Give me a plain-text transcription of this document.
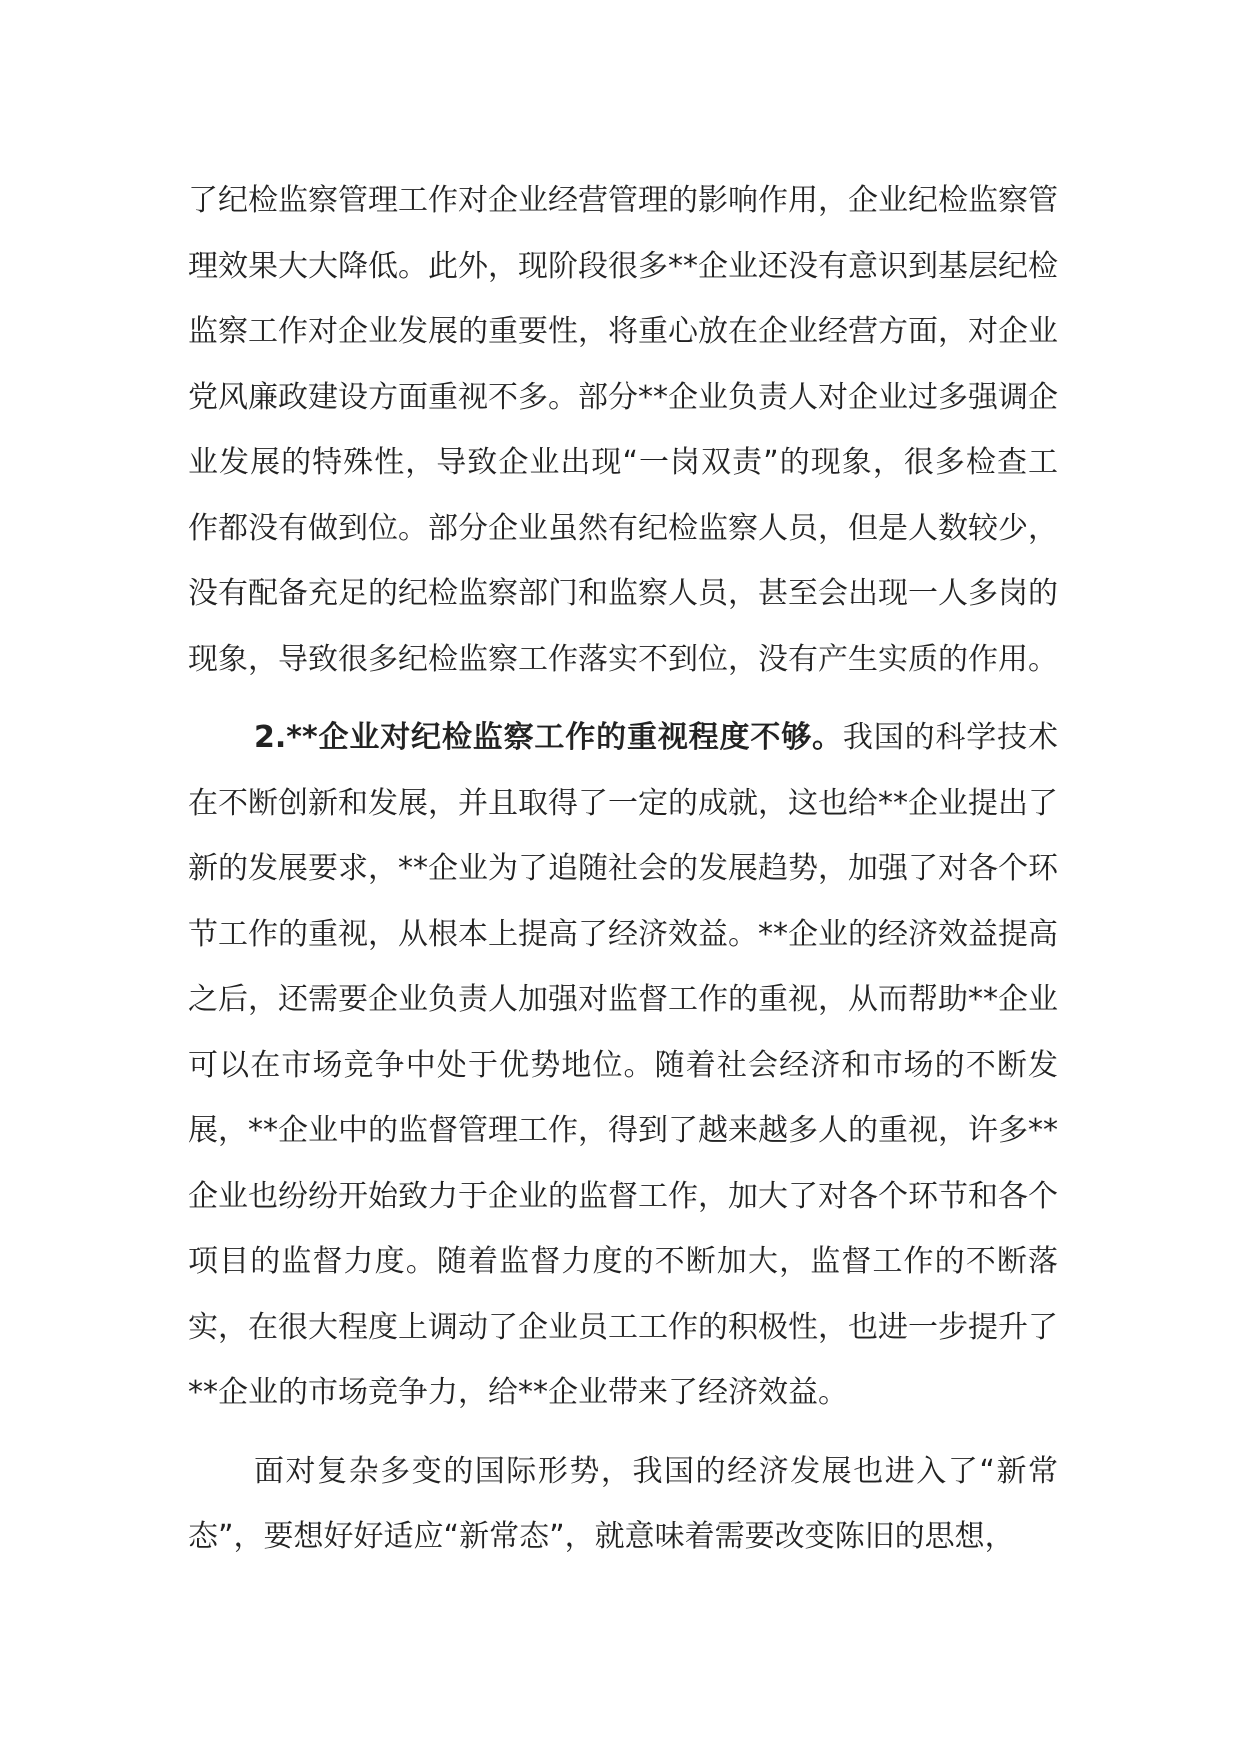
了纪检监察管理工作对企业经营管理的影响作用，企业纪检监察管理效果大大降低。此外，现阶段很多**企业还没有意识到基层纪检监察工作对企业发展的重要性，将重心放在企业经营方面，对企业党风廉政建设方面重视不多。部分**企业负责人对企业过多强调企业发展的特殊性，导致企业出现“一岗双责”的现象，很多检查工作都没有做到位。部分企业虽然有纪检监察人员，但是人数较少，没有配备充足的纪检监察部门和监察人员，甚至会出现一人多岗的现象，导致很多纪检监察工作落实不到位，没有产生实质的作用。

2.**企业对纪检监察工作的重视程度不够。我国的科学技术在不断创新和发展，并且取得了一定的成就，这也给**企业提出了新的发展要求，**企业为了追随社会的发展趋势，加强了对各个环节工作的重视，从根本上提高了经济效益。**企业的经济效益提高之后，还需要企业负责人加强对监督工作的重视，从而帮助**企业可以在市场竞争中处于优势地位。随着社会经济和市场的不断发展，**企业中的监督管理工作，得到了越来越多人的重视，许多**企业也纷纷开始致力于企业的监督工作，加大了对各个环节和各个项目的监督力度。随着监督力度的不断加大，监督工作的不断落实，在很大程度上调动了企业员工工作的积极性，也进一步提升了**企业的市场竞争力，给**企业带来了经济效益。

面对复杂多变的国际形势，我国的经济发展也进入了“新常态”，要想好好适应“新常态”，就意味着需要改变陈旧的思想，
